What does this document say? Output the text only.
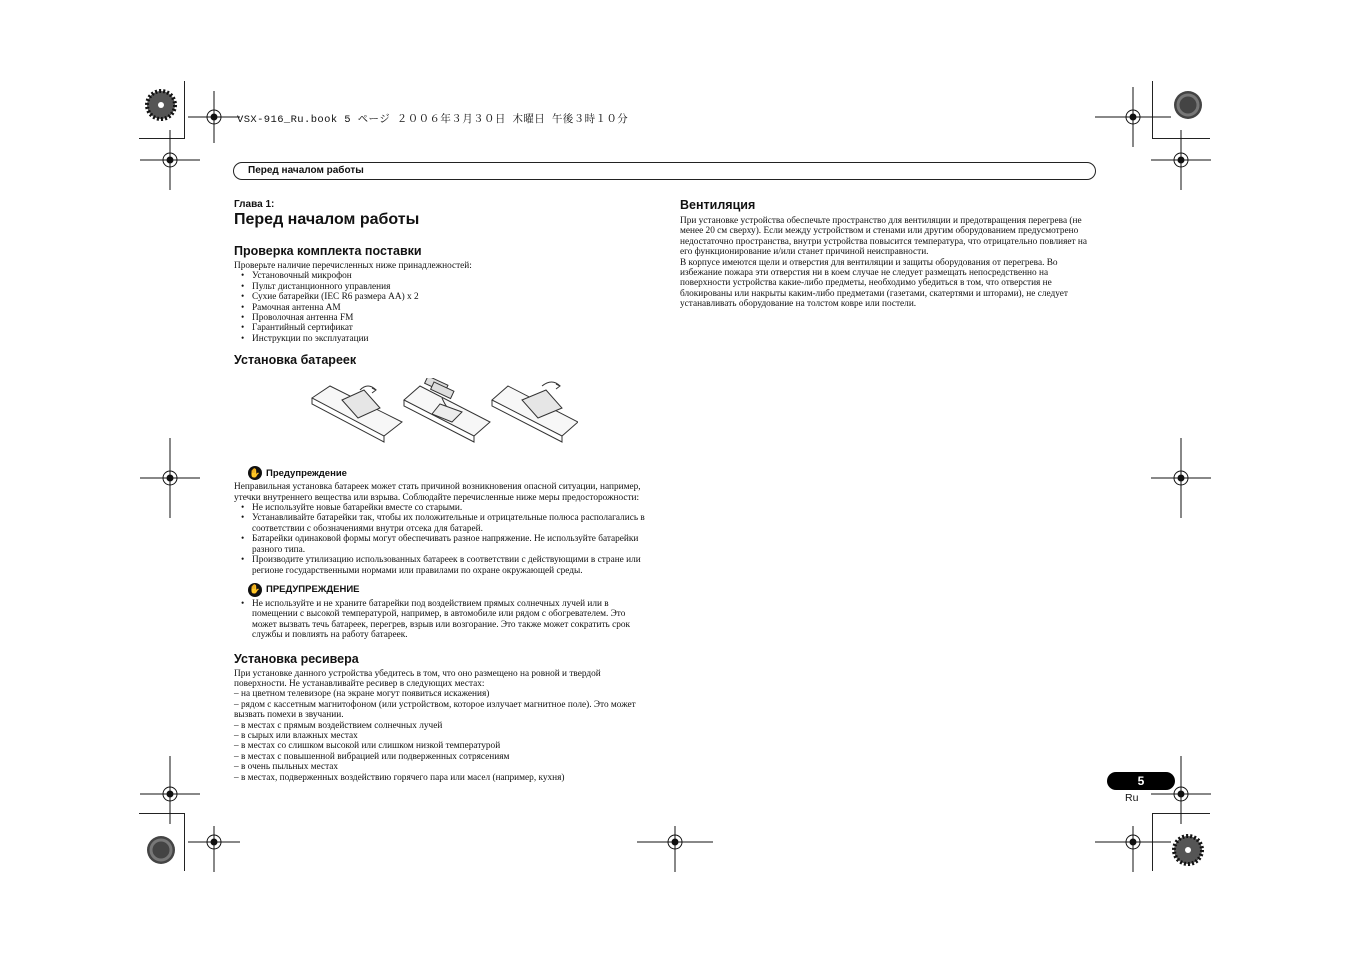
VSX-916_Ru.book 5 ページ ２００６年３月３０日 木曜日 午後３時１０分
Перед началом работы

Глава 1:

Перед началом работы
Проверка комплекта поставки

Проверьте наличие перечисленных ниже принадлежностей:

• Установочный микрофон
• Пульт дистанционного управления
• Сухие батарейки (IEC R6 размера AA) x 2
• Рамочная антенна AM
• Проволочная антенна FM
• Гарантийный сертификат
• Инструкции по эксплуатации
Установка батареек
✋ Предупреждение

Неправильная установка батареек может стать причиной возникновения опасной ситуации, например, утечки внутреннего вещества или взрыва. Соблюдайте перечисленные ниже меры предосторожности:

• Не используйте новые батарейки вместе со старыми.
• Устанавливайте батарейки так, чтобы их положительные и отрицательные полюса располагались в соответствии с обозначениями внутри отсека для батарей.
• Батарейки одинаковой формы могут обеспечивать разное напряжение. Не используйте батарейки разного типа.
• Производите утилизацию использованных батареек в соответствии с действующими в стране или регионе государственными нормами или правилами по охране окружающей среды.
✋ ПРЕДУПРЕЖДЕНИЕ
• Не используйте и не храните батарейки под воздействием прямых солнечных лучей или в помещении с высокой температурой, например, в автомобиле или рядом с обогревателем. Это может вызвать течь батареек, перегрев, взрыв или возгорание. Это также может сократить срок службы и повлиять на работу батареек.
Установка ресивера

При установке данного устройства убедитесь в том, что оно размещено на ровной и твердой поверхности. Не устанавливайте ресивер в следующих местах:

– на цветном телевизоре (на экране могут появиться искажения)
– рядом с кассетным магнитофоном (или устройством, которое излучает магнитное поле). Это может вызвать помехи в звучании.
– в местах с прямым воздействием солнечных лучей
– в сырых или влажных местах
– в местах со слишком высокой или слишком низкой температурой
– в местах с повышенной вибрацией или подверженных сотрясениям
– в очень пыльных местах
– в местах, подверженных воздействию горячего пара или масел (например, кухня)
Вентиляция

При установке устройства обеспечьте пространство для вентиляции и предотвращения перегрева (не менее 20 см сверху). Если между устройством и стенами или другим оборудованием предусмотрено недостаточно пространства, внутри устройства повысится температура, что отрицательно повлияет на его функционирование и/или станет причиной неисправности.

В корпусе имеются щели и отверстия для вентиляции и защиты оборудования от перегрева. Во избежание пожара эти отверстия ни в коем случае не следует размещать непосредственно на поверхности устройства какие-либо предметы, необходимо убедиться в том, что отверстия не блокированы или накрыты каким-либо предметами (газетами, скатертями и шторами), не следует устанавливать оборудование на толстом ковре или постели.

5
Ru
